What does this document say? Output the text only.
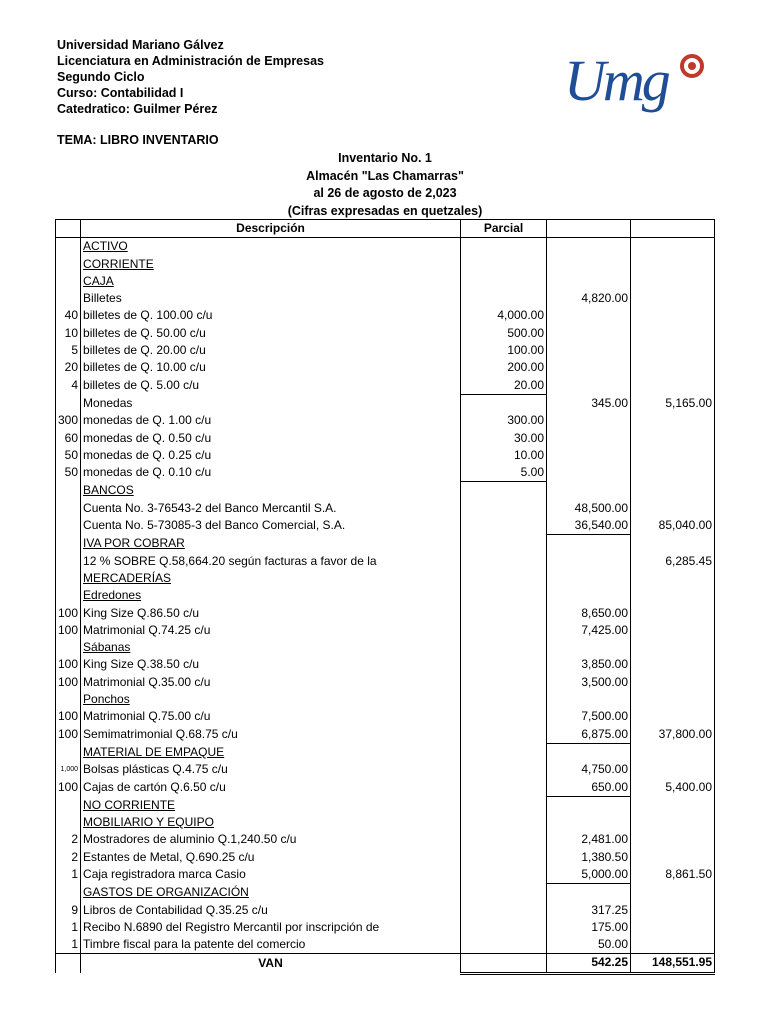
Universidad Mariano Gálvez
Licenciatura en Administración de Empresas
Segundo Ciclo
Curso: Contabilidad I
Catedratico: Guilmer Pérez	Umg
TEMA: LIBRO INVENTARIO
Inventario No. 1
Almacén "Las Chamarras"
al 26 de agosto de 2,023
(Cifras expresadas en quetzales)
	Descripción	Parcial		
	ACTIVO			
	CORRIENTE			
	CAJA			
	Billetes		4,820.00	
40	billetes de Q. 100.00 c/u	4,000.00		
10	billetes de Q. 50.00 c/u	500.00		
5	billetes de Q. 20.00 c/u	100.00		
20	billetes de Q. 10.00 c/u	200.00		
4	billetes de Q. 5.00 c/u	20.00		
	Monedas		345.00	5,165.00
300	monedas de Q. 1.00 c/u	300.00		
60	monedas de Q. 0.50 c/u	30.00		
50	monedas de Q. 0.25 c/u	10.00		
50	monedas de Q. 0.10 c/u	5.00		
	BANCOS			
	Cuenta No. 3-76543-2 del Banco Mercantil S.A.		48,500.00	
	Cuenta No. 5-73085-3 del Banco Comercial, S.A.		36,540.00	85,040.00
	IVA POR COBRAR			
	12 % SOBRE Q.58,664.20 según facturas a favor de la			6,285.45
	MERCADERÍAS			
	Edredones			
100	King Size Q.86.50 c/u		8,650.00	
100	Matrimonial Q.74.25 c/u		7,425.00	
	Sábanas			
100	King Size Q.38.50 c/u		3,850.00	
100	Matrimonial Q.35.00 c/u		3,500.00	
	Ponchos			
100	Matrimonial Q.75.00 c/u		7,500.00	
100	Semimatrimonial Q.68.75 c/u		6,875.00	37,800.00
	MATERIAL DE EMPAQUE			
1,000	Bolsas plásticas Q.4.75 c/u		4,750.00	
100	Cajas de cartón Q.6.50 c/u		650.00	5,400.00
	NO CORRIENTE			
	MOBILIARIO Y EQUIPO			
2	Mostradores de aluminio Q.1,240.50 c/u		2,481.00	
2	Estantes de Metal, Q.690.25 c/u		1,380.50	
1	Caja registradora marca Casio		5,000.00	8,861.50
	GASTOS DE ORGANIZACIÓN			
9	Libros de Contabilidad Q.35.25 c/u		317.25	
1	Recibo N.6890 del Registro Mercantil por inscripción de		175.00	
1	Timbre fiscal para la patente del comercio		50.00	
	VAN		542.25	148,551.95
